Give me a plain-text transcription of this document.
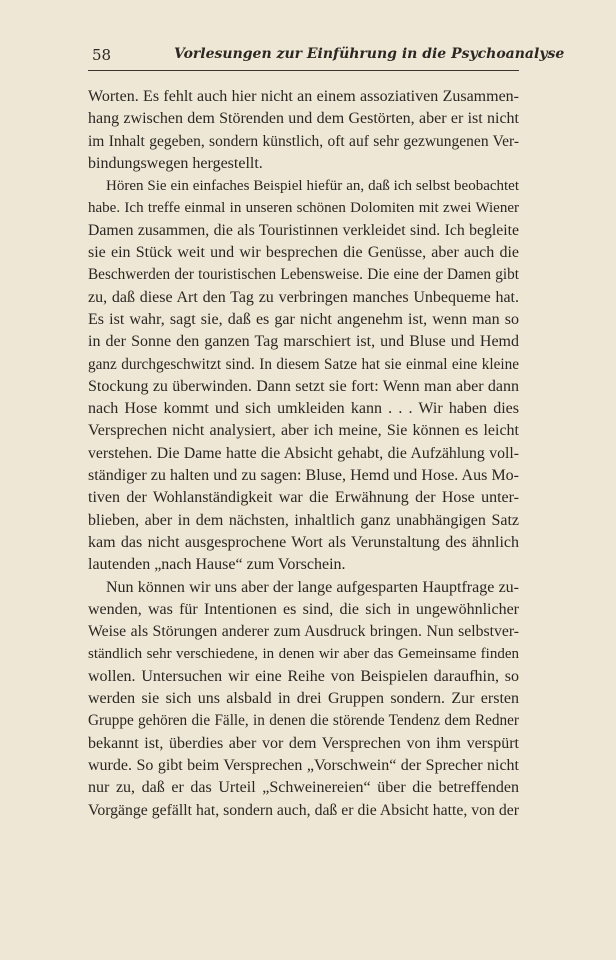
58	Vorlesungen zur Einführung in die Psychoanalyse
Worten. Es fehlt auch hier nicht an einem assoziativen Zusammen-
hang zwischen dem Störenden und dem Gestörten, aber er ist nicht
im Inhalt gegeben, sondern künstlich, oft auf sehr gezwungenen Ver-
bindungswegen hergestellt.
Hören Sie ein einfaches Beispiel hiefür an, daß ich selbst beobachtet
habe. Ich treffe einmal in unseren schönen Dolomiten mit zwei Wiener
Damen zusammen, die als Touristinnen verkleidet sind. Ich begleite
sie ein Stück weit und wir besprechen die Genüsse, aber auch die
Beschwerden der touristischen Lebensweise. Die eine der Damen gibt
zu, daß diese Art den Tag zu verbringen manches Unbequeme hat.
Es ist wahr, sagt sie, daß es gar nicht angenehm ist, wenn man so
in der Sonne den ganzen Tag marschiert ist, und Bluse und Hemd
ganz durchgeschwitzt sind. In diesem Satze hat sie einmal eine kleine
Stockung zu überwinden. Dann setzt sie fort: Wenn man aber dann
nach Hose kommt und sich umkleiden kann . . . Wir haben dies
Versprechen nicht analysiert, aber ich meine, Sie können es leicht
verstehen. Die Dame hatte die Absicht gehabt, die Aufzählung voll-
ständiger zu halten und zu sagen: Bluse, Hemd und Hose. Aus Mo-
tiven der Wohlanständigkeit war die Erwähnung der Hose unter-
blieben, aber in dem nächsten, inhaltlich ganz unabhängigen Satz
kam das nicht ausgesprochene Wort als Verunstaltung des ähnlich
lautenden „nach Hause“ zum Vorschein.
Nun können wir uns aber der lange aufgesparten Hauptfrage zu-
wenden, was für Intentionen es sind, die sich in ungewöhnlicher
Weise als Störungen anderer zum Ausdruck bringen. Nun selbstver-
ständlich sehr verschiedene, in denen wir aber das Gemeinsame finden
wollen. Untersuchen wir eine Reihe von Beispielen daraufhin, so
werden sie sich uns alsbald in drei Gruppen sondern. Zur ersten
Gruppe gehören die Fälle, in denen die störende Tendenz dem Redner
bekannt ist, überdies aber vor dem Versprechen von ihm verspürt
wurde. So gibt beim Versprechen „Vorschwein“ der Sprecher nicht
nur zu, daß er das Urteil „Schweinereien“ über die betreffenden
Vorgänge gefällt hat, sondern auch, daß er die Absicht hatte, von der
